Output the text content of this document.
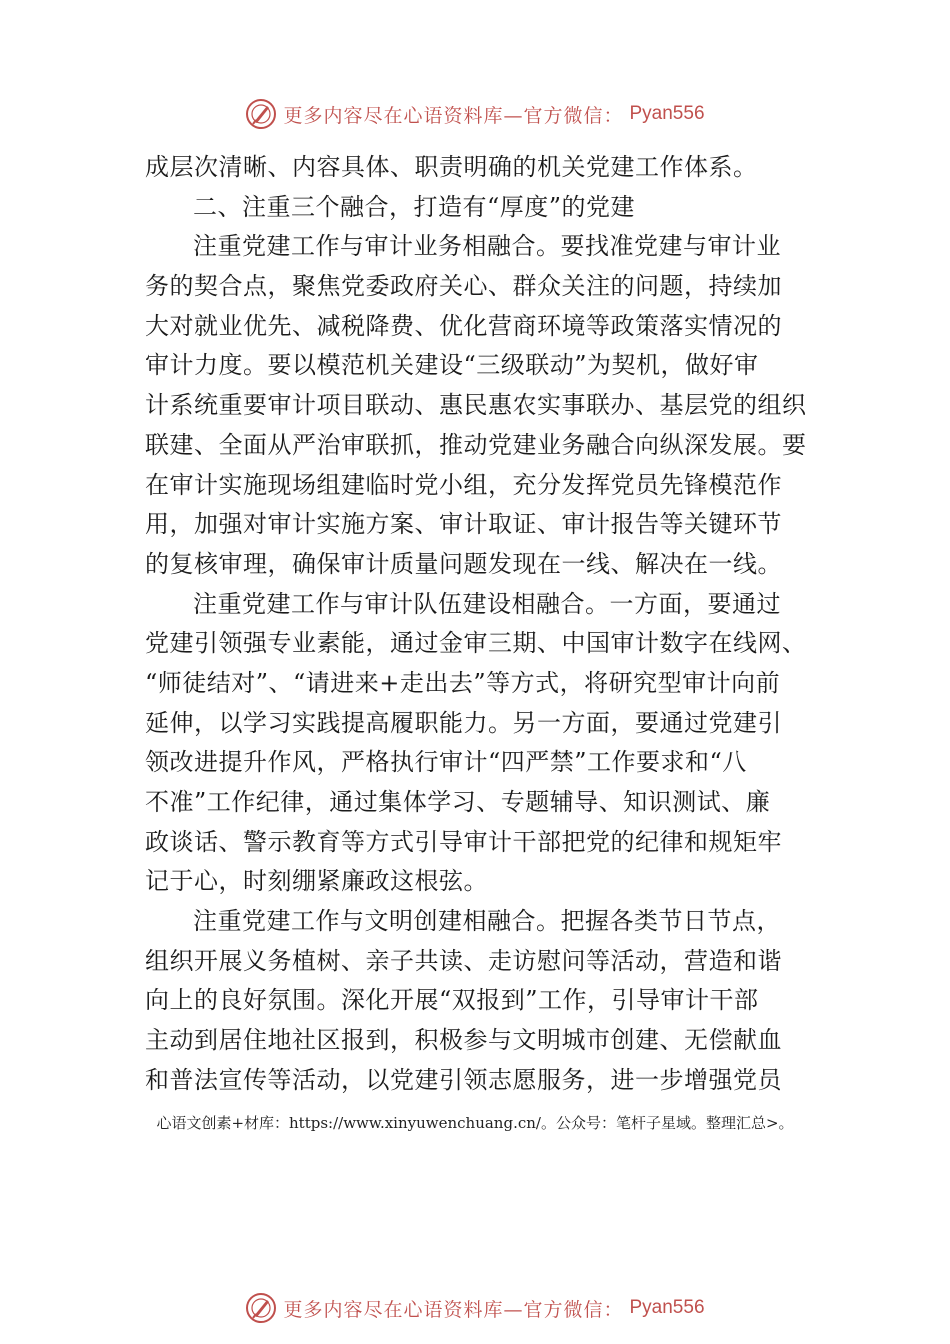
更多内容尽在心语资料库—官方微信： Pyan556
成层次清晰、内容具体、职责明确的机关党建工作体系。
二、注重三个融合，打造有“厚度”的党建
注重党建工作与审计业务相融合。要找准党建与审计业
务的契合点，聚焦党委政府关心、群众关注的问题，持续加
大对就业优先、减税降费、优化营商环境等政策落实情况的
审计力度。要以模范机关建设“三级联动”为契机，做好审
计系统重要审计项目联动、惠民惠农实事联办、基层党的组织
联建、全面从严治审联抓，推动党建业务融合向纵深发展。要
在审计实施现场组建临时党小组，充分发挥党员先锋模范作
用，加强对审计实施方案、审计取证、审计报告等关键环节
的复核审理，确保审计质量问题发现在一线、解决在一线。
注重党建工作与审计队伍建设相融合。一方面，要通过
党建引领强专业素能，通过金审三期、中国审计数字在线网、
“师徒结对”、“请进来+走出去”等方式，将研究型审计向前
延伸，以学习实践提高履职能力。另一方面，要通过党建引
领改进提升作风，严格执行审计“四严禁”工作要求和“八
不准”工作纪律，通过集体学习、专题辅导、知识测试、廉
政谈话、警示教育等方式引导审计干部把党的纪律和规矩牢
记于心，时刻绷紧廉政这根弦。
注重党建工作与文明创建相融合。把握各类节日节点，
组织开展义务植树、亲子共读、走访慰问等活动，营造和谐
向上的良好氛围。深化开展“双报到”工作，引导审计干部
主动到居住地社区报到，积极参与文明城市创建、无偿献血
和普法宣传等活动，以党建引领志愿服务，进一步增强党员
心语文创素+材库：https://www.xinyuwenchuang.cn/。公众号：笔杆子星域。整理汇总>。
更多内容尽在心语资料库—官方微信： Pyan556
